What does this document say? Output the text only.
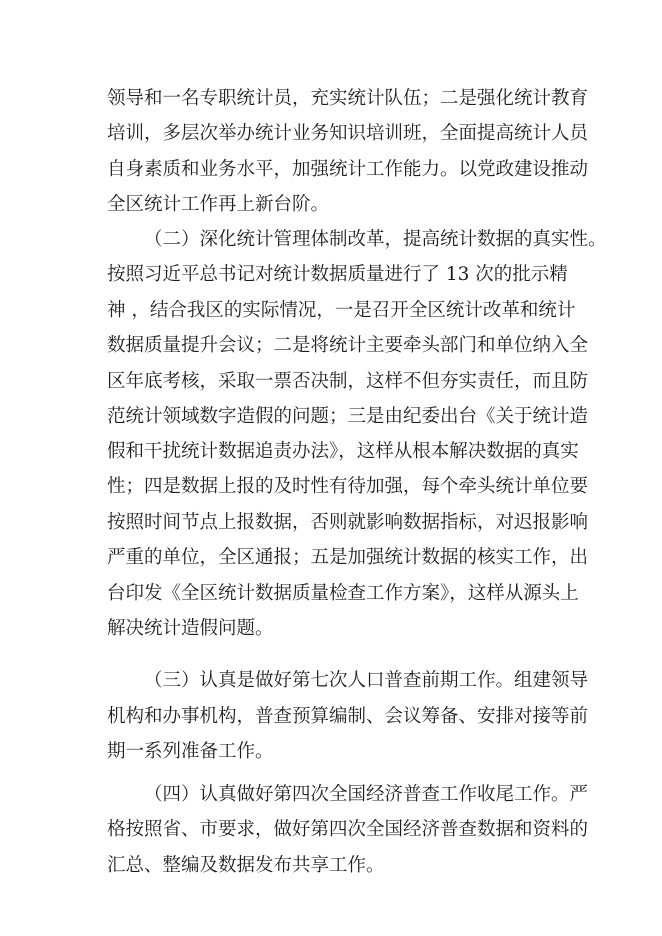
领导和一名专职统计员，充实统计队伍；二是强化统计教育
培训，多层次举办统计业务知识培训班，全面提高统计人员
自身素质和业务水平，加强统计工作能力。以党政建设推动
全区统计工作再上新台阶。
（二）深化统计管理体制改革，提高统计数据的真实性。
按照习近平总书记对统计数据质量进行了 13 次的批示精
神 ，结合我区的实际情况，一是召开全区统计改革和统计
数据质量提升会议；二是将统计主要牵头部门和单位纳入全
区年底考核，采取一票否决制，这样不但夯实责任，而且防
范统计领域数字造假的问题；三是由纪委出台《关于统计造
假和干扰统计数据追责办法》，这样从根本解决数据的真实
性；四是数据上报的及时性有待加强，每个牵头统计单位要
按照时间节点上报数据，否则就影响数据指标，对迟报影响
严重的单位，全区通报；五是加强统计数据的核实工作，出
台印发《全区统计数据质量检查工作方案》，这样从源头上
解决统计造假问题。
（三）认真是做好第七次人口普查前期工作。组建领导
机构和办事机构，普查预算编制、会议筹备、安排对接等前
期一系列准备工作。
（四）认真做好第四次全国经济普查工作收尾工作。严
格按照省、市要求，做好第四次全国经济普查数据和资料的
汇总、整编及数据发布共享工作。
